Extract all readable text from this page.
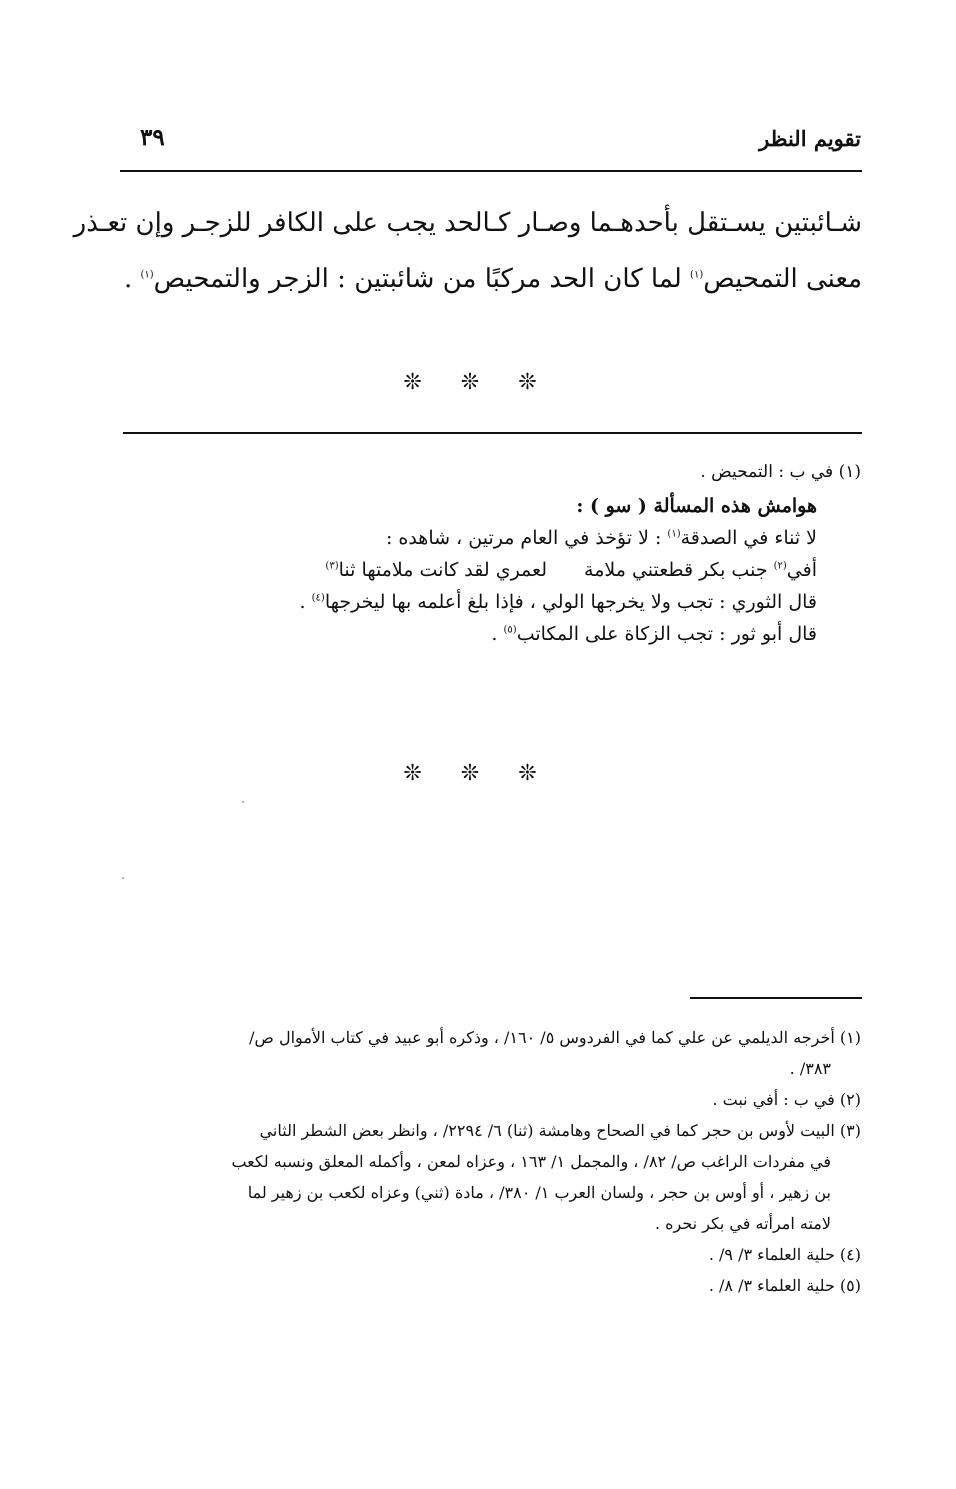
تقويم النظر
٣٩
شـائبتين يسـتقل بأحدهـما وصـار كـالحد يجب على الكافر للزجـر وإن تعـذر
معنى التمحيص$^{(١)}$ لما كان الحد مركبًا من شائبتين : الزجر والتمحيص$^{(١)}$ .
❊ ❊ ❊
(١) في ب : التمحيض .
هوامش هذه المسألة ( سو ) :
لا ثناء في الصدقة$^{(١)}$ : لا تؤخذ في العام مرتين ، شاهده :
أفي$^{(٢)}$ جنب بكر قطعتني ملامة
لعمري لقد كانت ملامتها ثنا$^{(٣)}$
قال الثوري : تجب ولا يخرجها الولي ، فإذا بلغ أعلمه بها ليخرجها$^{(٤)}$ .
قال أبو ثور : تجب الزكاة على المكاتب$^{(٥)}$ .
❊ ❊ ❊
(١) أخرجه الديلمي عن علي كما في الفردوس ٥/ ١٦٠/ ، وذكره أبو عبيد في كتاب الأموال ص/
٣٨٣/ .
(٢) في ب : أفي نبت .
(٣) البيت لأوس بن حجر كما في الصحاح وهامشة (ثنا) ٦/ ٢٢٩٤/ ، وانظر بعض الشطر الثاني
في مفردات الراغب ص/ ٨٢/ ، والمجمل ١/ ١٦٣ ، وعزاه لمعن ، وأكمله المعلق ونسبه لكعب
بن زهير ، أو أوس بن حجر ، ولسان العرب ١/ ٣٨٠/ ، مادة (ثني) وعزاه لكعب بن زهير لما
لامته امرأته في بكر نحره .
(٤) حلية العلماء ٣/ ٩/ .
(٥) حلية العلماء ٣/ ٨/ .
